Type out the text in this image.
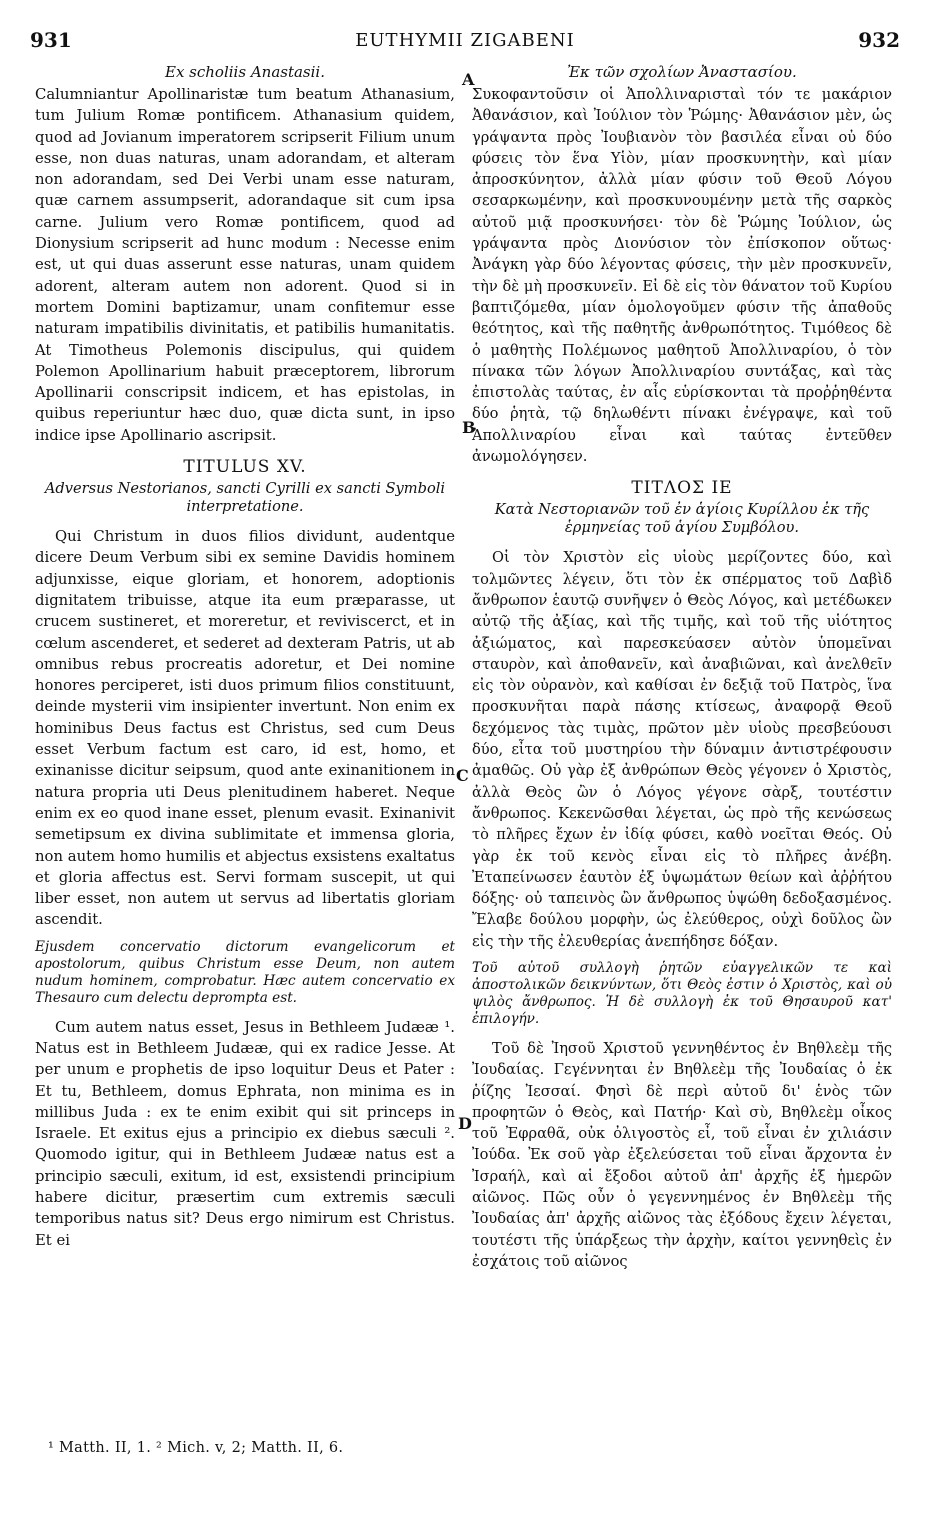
931	EUTHYMII ZIGABENI	932

Ex scholiis Anastasii.

Calumniantur Apollinaristæ tum beatum Athanasium, tum Julium Romæ pontificem. Athanasium quidem, quod ad Jovianum imperatorem scripserit Filium unum esse, non duas naturas, unam adorandam, et alteram non adorandam, sed Dei Verbi unam esse naturam, quæ carnem assumpserit, adorandaque sit cum ipsa carne. Julium vero Romæ pontificem, quod ad Dionysium scripserit ad hunc modum : Necesse enim est, ut qui duas asserunt esse naturas, unam quidem adorent, alteram autem non adorent. Quod si in mortem Domini baptizamur, unam confitemur esse naturam impatibilis divinitatis, et patibilis humanitatis. At Timotheus Polemonis discipulus, qui quidem Polemon Apollinarium habuit præceptorem, librorum Apollinarii conscripsit indicem, et has epistolas, in quibus reperiuntur hæc duo, quæ dicta sunt, in ipso indice ipse Apollinario ascripsit.

TITULUS XV.

Adversus Nestorianos, sancti Cyrilli ex sancti Symboli interpretatione.

Qui Christum in duos filios dividunt, audentque dicere Deum Verbum sibi ex semine Davidis hominem adjunxisse, eique gloriam, et honorem, adoptionis dignitatem tribuisse, atque ita eum præparasse, ut crucem sustineret, et moreretur, et reviviscerct, et in cœlum ascenderet, et sederet ad dexteram Patris, ut ab omnibus rebus procreatis adoretur, et Dei nomine honores perciperet, isti duos primum filios constituunt, deinde mysterii vim insipienter invertunt. Non enim ex hominibus Deus factus est Christus, sed cum Deus esset Verbum factum est caro, id est, homo, et exinanisse dicitur seipsum, quod ante exinanitionem in natura propria uti Deus plenitudinem haberet. Neque enim ex eo quod inane esset, plenum evasit. Exinanivit semetipsum ex divina sublimitate et immensa gloria, non autem homo humilis et abjectus exsistens exaltatus et gloria affectus est. Servi formam suscepit, ut qui liber esset, non autem ut servus ad libertatis gloriam ascendit.

Ejusdem concervatio dictorum evangelicorum et apostolorum, quibus Christum esse Deum, non autem nudum hominem, comprobatur. Hæc autem concervatio ex Thesauro cum delectu deprompta est.

Cum autem natus esset, Jesus in Bethleem Judææ ¹. Natus est in Bethleem Judææ, qui ex radice Jesse. At per unum e prophetis de ipso loquitur Deus et Pater : Et tu, Bethleem, domus Ephrata, non minima es in millibus Juda : ex te enim exibit qui sit princeps in Israele. Et exitus ejus a principio ex diebus sæculi ². Quomodo igitur, qui in Bethleem Judææ natus est a principio sæculi, exitum, id est, exsistendi principium habere dicitur, præsertim cum extremis sæculi temporibus natus sit? Deus ergo nimirum est Christus. Et ei

A
B
C
D

Ἐκ τῶν σχολίων Ἀναστασίου.

Συκοφαντοῦσιν οἱ Ἀπολλιναρισταὶ τόν τε μακάριον Ἀθανάσιον, καὶ Ἰούλιον τὸν Ῥώμης· Ἀθανάσιον μὲν, ὡς γράψαντα πρὸς Ἰουβιανὸν τὸν βασιλέα εἶναι οὐ δύο φύσεις τὸν ἕνα Υἱὸν, μίαν προσκυνητὴν, καὶ μίαν ἀπροσκύνητον, ἀλλὰ μίαν φύσιν τοῦ Θεοῦ Λόγου σεσαρκωμένην, καὶ προσκυνουμένην μετὰ τῆς σαρκὸς αὐτοῦ μιᾷ προσκυνήσει· τὸν δὲ Ῥώμης Ἰούλιον, ὡς γράψαντα πρὸς Διονύσιον τὸν ἐπίσκοπον οὕτως· Ἀνάγκη γὰρ δύο λέγοντας φύσεις, τὴν μὲν προσκυνεῖν, τὴν δὲ μὴ προσκυνεῖν. Εἰ δὲ εἰς τὸν θάνατον τοῦ Κυρίου βαπτιζόμεθα, μίαν ὁμολογοῦμεν φύσιν τῆς ἀπαθοῦς θεότητος, καὶ τῆς παθητῆς ἀνθρωπότητος. Τιμόθεος δὲ ὁ μαθητὴς Πολέμωνος μαθητοῦ Ἀπολλιναρίου, ὁ τὸν πίνακα τῶν λόγων Ἀπολλιναρίου συντάξας, καὶ τὰς ἐπιστολὰς ταύτας, ἐν αἷς εὑρίσκονται τὰ προῤῥηθέντα δύο ῥητὰ, τῷ δηλωθέντι πίνακι ἐνέγραψε, καὶ τοῦ Ἀπολλιναρίου εἶναι καὶ ταύτας ἐντεῦθεν ἀνωμολόγησεν.

ΤΙΤΛΟΣ ΙΕ

Κατὰ Νεστοριανῶν τοῦ ἐν ἁγίοις Κυρίλλου ἐκ τῆς ἑρμηνείας τοῦ ἁγίου Συμβόλου.

Οἱ τὸν Χριστὸν εἰς υἱοὺς μερίζοντες δύο, καὶ τολμῶντες λέγειν, ὅτι τὸν ἐκ σπέρματος τοῦ Δαβὶδ ἄνθρωπον ἑαυτῷ συνῆψεν ὁ Θεὸς Λόγος, καὶ μετέδωκεν αὐτῷ τῆς ἀξίας, καὶ τῆς τιμῆς, καὶ τοῦ τῆς υἱότητος ἀξιώματος, καὶ παρεσκεύασεν αὐτὸν ὑπομεῖναι σταυρὸν, καὶ ἀποθανεῖν, καὶ ἀναβιῶναι, καὶ ἀνελθεῖν εἰς τὸν οὐρανὸν, καὶ καθίσαι ἐν δεξιᾷ τοῦ Πατρὸς, ἵνα προσκυνῆται παρὰ πάσης κτίσεως, ἀναφορᾷ Θεοῦ δεχόμενος τὰς τιμὰς, πρῶτον μὲν υἱοὺς πρεσβεύουσι δύο, εἶτα τοῦ μυστηρίου τὴν δύναμιν ἀντιστρέφουσιν ἀμαθῶς. Οὐ γὰρ ἐξ ἀνθρώπων Θεὸς γέγονεν ὁ Χριστὸς, ἀλλὰ Θεὸς ὢν ὁ Λόγος γέγονε σὰρξ, τουτέστιν ἄνθρωπος. Κεκενῶσθαι λέγεται, ὡς πρὸ τῆς κενώσεως τὸ πλῆρες ἔχων ἐν ἰδίᾳ φύσει, καθὸ νοεῖται Θεός. Οὐ γὰρ ἐκ τοῦ κενὸς εἶναι εἰς τὸ πλῆρες ἀνέβη. Ἐταπείνωσεν ἑαυτὸν ἐξ ὑψωμάτων θείων καὶ ἀῤῥήτου δόξης· οὐ ταπεινὸς ὢν ἄνθρωπος ὑψώθη δεδοξασμένος. Ἔλαβε δούλου μορφὴν, ὡς ἐλεύθερος, οὐχὶ δοῦλος ὢν εἰς τὴν τῆς ἐλευθερίας ἀνεπήδησε δόξαν.

Τοῦ αὐτοῦ συλλογὴ ῥητῶν εὐαγγελικῶν τε καὶ ἀποστολικῶν δεικνύντων, ὅτι Θεὸς ἐστιν ὁ Χριστὸς, καὶ οὐ ψιλὸς ἄνθρωπος. Ἡ δὲ συλλογὴ ἐκ τοῦ Θησαυροῦ κατ' ἐπιλογήν.

Τοῦ δὲ Ἰησοῦ Χριστοῦ γεννηθέντος ἐν Βηθλεὲμ τῆς Ἰουδαίας. Γεγέννηται ἐν Βηθλεὲμ τῆς Ἰουδαίας ὁ ἐκ ῥίζης Ἰεσσαί. Φησὶ δὲ περὶ αὐτοῦ δι' ἑνὸς τῶν προφητῶν ὁ Θεὸς, καὶ Πατήρ· Καὶ σὺ, Βηθλεὲμ οἶκος τοῦ Ἐφραθᾶ, οὐκ ὀλιγοστὸς εἶ, τοῦ εἶναι ἐν χιλιάσιν Ἰούδα. Ἐκ σοῦ γὰρ ἐξελεύσεται τοῦ εἶναι ἄρχοντα ἐν Ἰσραήλ, καὶ αἱ ἔξοδοι αὐτοῦ ἀπ' ἀρχῆς ἐξ ἡμερῶν αἰῶνος. Πῶς οὖν ὁ γεγεννημένος ἐν Βηθλεὲμ τῆς Ἰουδαίας ἀπ' ἀρχῆς αἰῶνος τὰς ἐξόδους ἔχειν λέγεται, τουτέστι τῆς ὑπάρξεως τὴν ἀρχὴν, καίτοι γεννηθεὶς ἐν ἐσχάτοις τοῦ αἰῶνος

¹ Matth. II, 1. ² Mich. v, 2; Matth. II, 6.
